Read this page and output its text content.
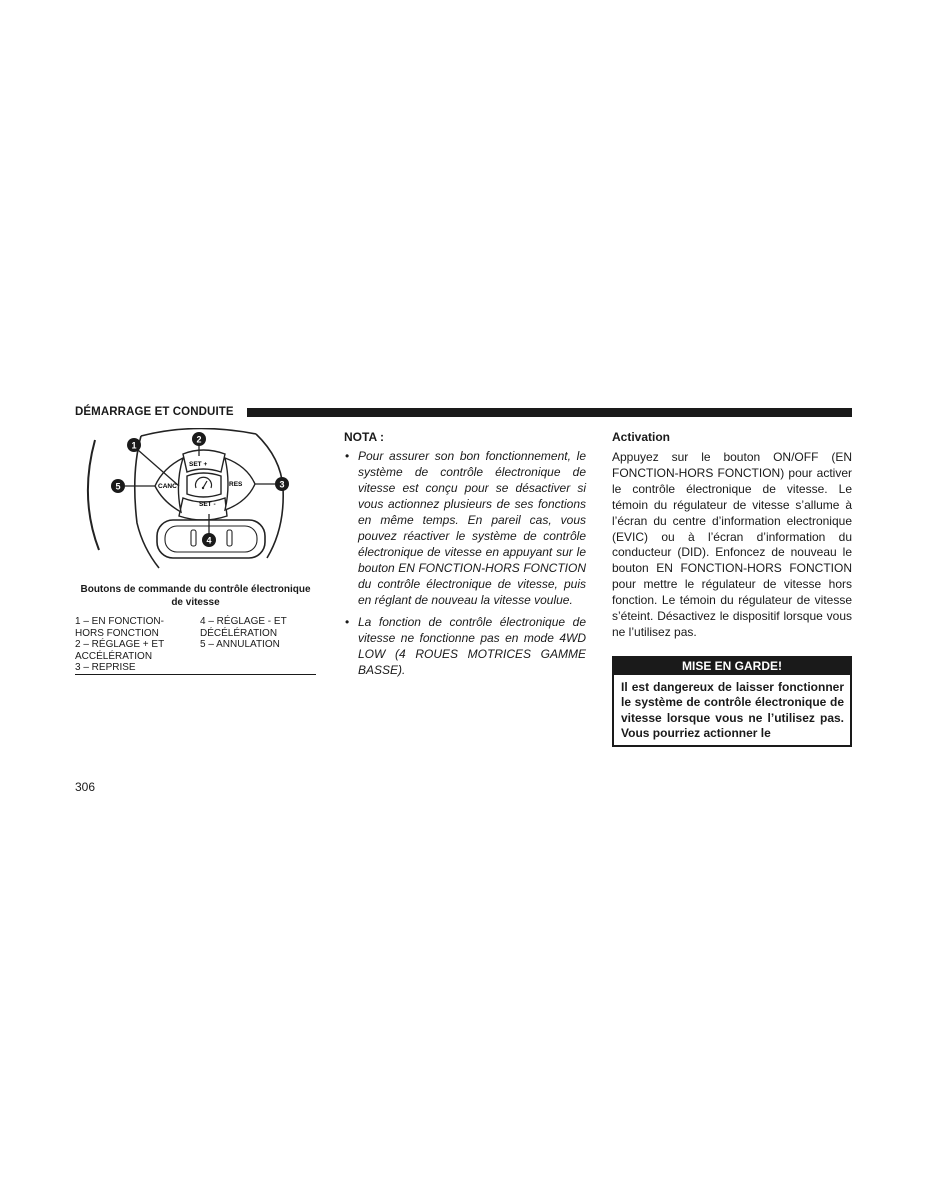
DÉMARRAGE ET CONDUITE
SET +
SET -
CANC	RES
1
2
3
4
5
Boutons de commande du contrôle électronique de vitesse
1 – EN FONCTION-
HORS FONCTION
2 – RÉGLAGE + ET
ACCÉLÉRATION
3 – REPRISE
4 – RÉGLAGE - ET
DÉCÉLÉRATION
5 – ANNULATION
NOTA :
• Pour assurer son bon fonctionnement, le système de contrôle électronique de vitesse est conçu pour se désactiver si vous actionnez plusieurs de ses fonctions en même temps. En pareil cas, vous pouvez réactiver le système de contrôle électronique de vitesse en appuyant sur le bouton EN FONCTION-HORS FONCTION du contrôle électronique de vitesse, puis en réglant de nouveau la vitesse voulue.
• La fonction de contrôle électronique de vitesse ne fonctionne pas en mode 4WD LOW (4 ROUES MOTRICES GAMME BASSE).
Activation
Appuyez sur le bouton ON/OFF (EN FONCTION-HORS FONCTION) pour activer le contrôle électronique de vitesse. Le témoin du régulateur de vitesse s’allume à l’écran du centre d’information electronique (EVIC) ou à l’écran d’information du conducteur (DID). Enfoncez de nouveau le bouton EN FONCTION-HORS FONCTION pour mettre le régulateur de vitesse hors fonction. Le témoin du régulateur de vitesse s’éteint. Désactivez le dispositif lorsque vous ne l’utilisez pas.
MISE EN GARDE!
Il est dangereux de laisser fonctionner le système de contrôle électronique de vitesse lorsque vous ne l’utilisez pas. Vous pourriez actionner le
306
